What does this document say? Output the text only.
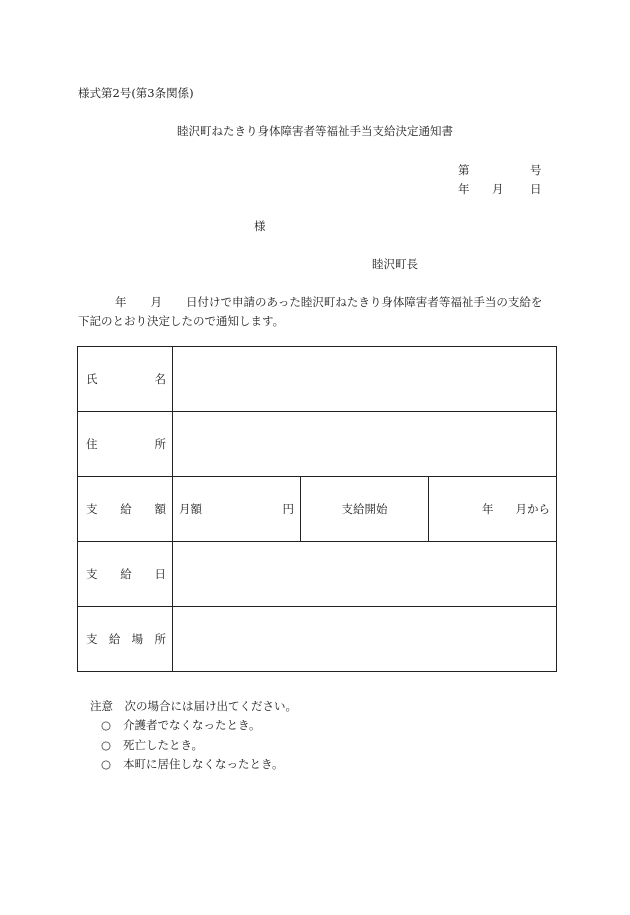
様式第2号(第3条関係)
睦沢町ねたきり身体障害者等福祉手当支給決定通知書
第	号
年 月 日
様
睦沢町長
年 月 日付けで申請のあった睦沢町ねたきり身体障害者等福祉手当の支給を
下記のとおり決定したので通知します。
氏 名			

住 所			

支 給 額	月額 円	支給開始	年 月から

支 給 日			

支 給 場 所			

注意　次の場合には届け出てください。
○ 介護者でなくなったとき。
○ 死亡したとき。
○ 本町に居住しなくなったとき。
